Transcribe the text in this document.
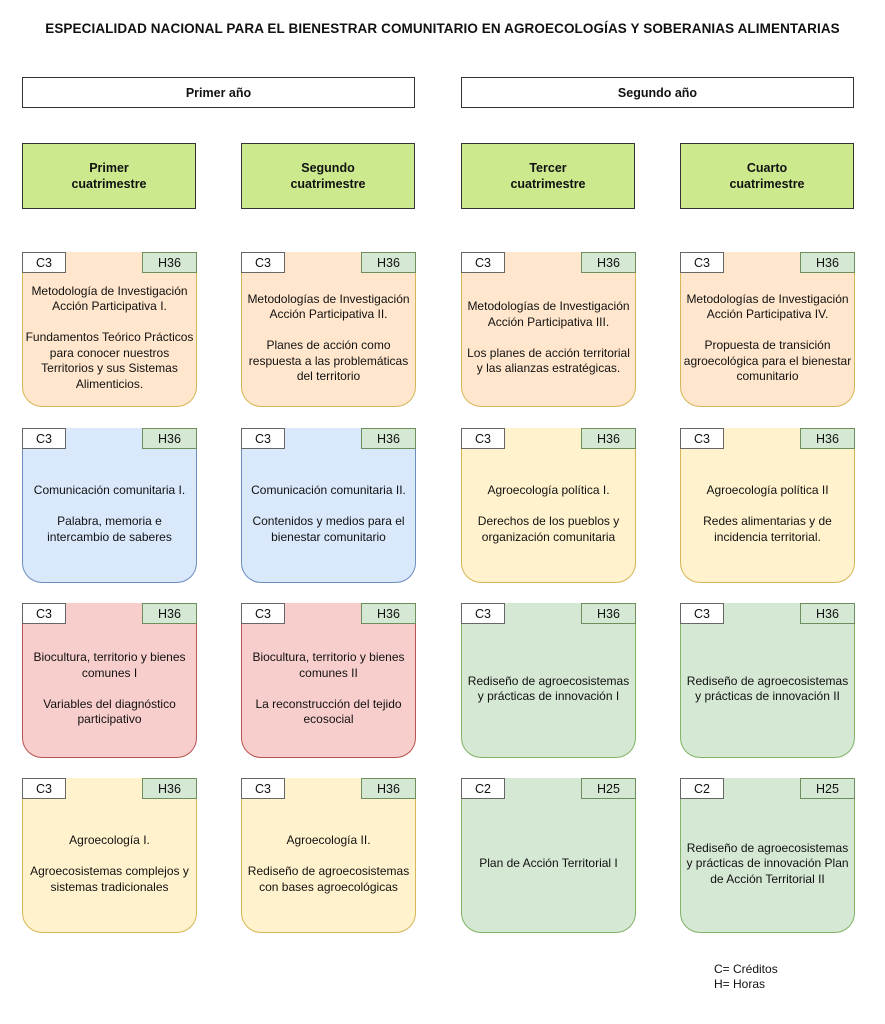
ESPECIALIDAD NACIONAL PARA EL BIENESTRAR COMUNITARIO EN AGROECOLOGÍAS Y SOBERANIAS ALIMENTARIAS
Primer año	Segundo año
Primer
cuatrimestre
Segundo
cuatrimestre
Tercer
cuatrimestre
Cuarto
cuatrimestre
C3	H36
Metodología de Investigación Acción Participativa I.

Fundamentos Teórico Prácticos para conocer nuestros Territorios y sus Sistemas Alimenticios.
C3	H36
Metodologías de Investigación Acción Participativa II.

Planes de acción como respuesta a las problemáticas del territorio
C3	H36
Metodologías de Investigación Acción Participativa III.

Los planes de acción territorial y las alianzas estratégicas.
C3	H36
Metodologías de Investigación Acción Participativa IV.

Propuesta de transición agroecológica para el bienestar comunitario
C3	H36
Comunicación comunitaria I.

Palabra, memoria e intercambio de saberes
C3	H36
Comunicación comunitaria II.

Contenidos y medios para el bienestar comunitario
C3	H36
Agroecología política I.

Derechos de los pueblos y organización comunitaria
C3	H36
Agroecología política II

Redes alimentarias y de incidencia territorial.
C3	H36
Biocultura, territorio y bienes comunes I

Variables del diagnóstico participativo
C3	H36
Biocultura, territorio y bienes comunes II

La reconstrucción del tejido ecosocial
C3	H36
Rediseño de agroecosistemas y prácticas de innovación I
C3	H36
Rediseño de agroecosistemas y prácticas de innovación II
C3	H36
Agroecología I.

Agroecosistemas complejos y sistemas tradicionales
C3	H36
Agroecología II.

Rediseño de agroecosistemas con bases agroecológicas
C2	H25
Plan de Acción Territorial I
C2	H25
Rediseño de agroecosistemas y prácticas de innovación Plan de Acción Territorial II
C= Créditos
H= Horas
